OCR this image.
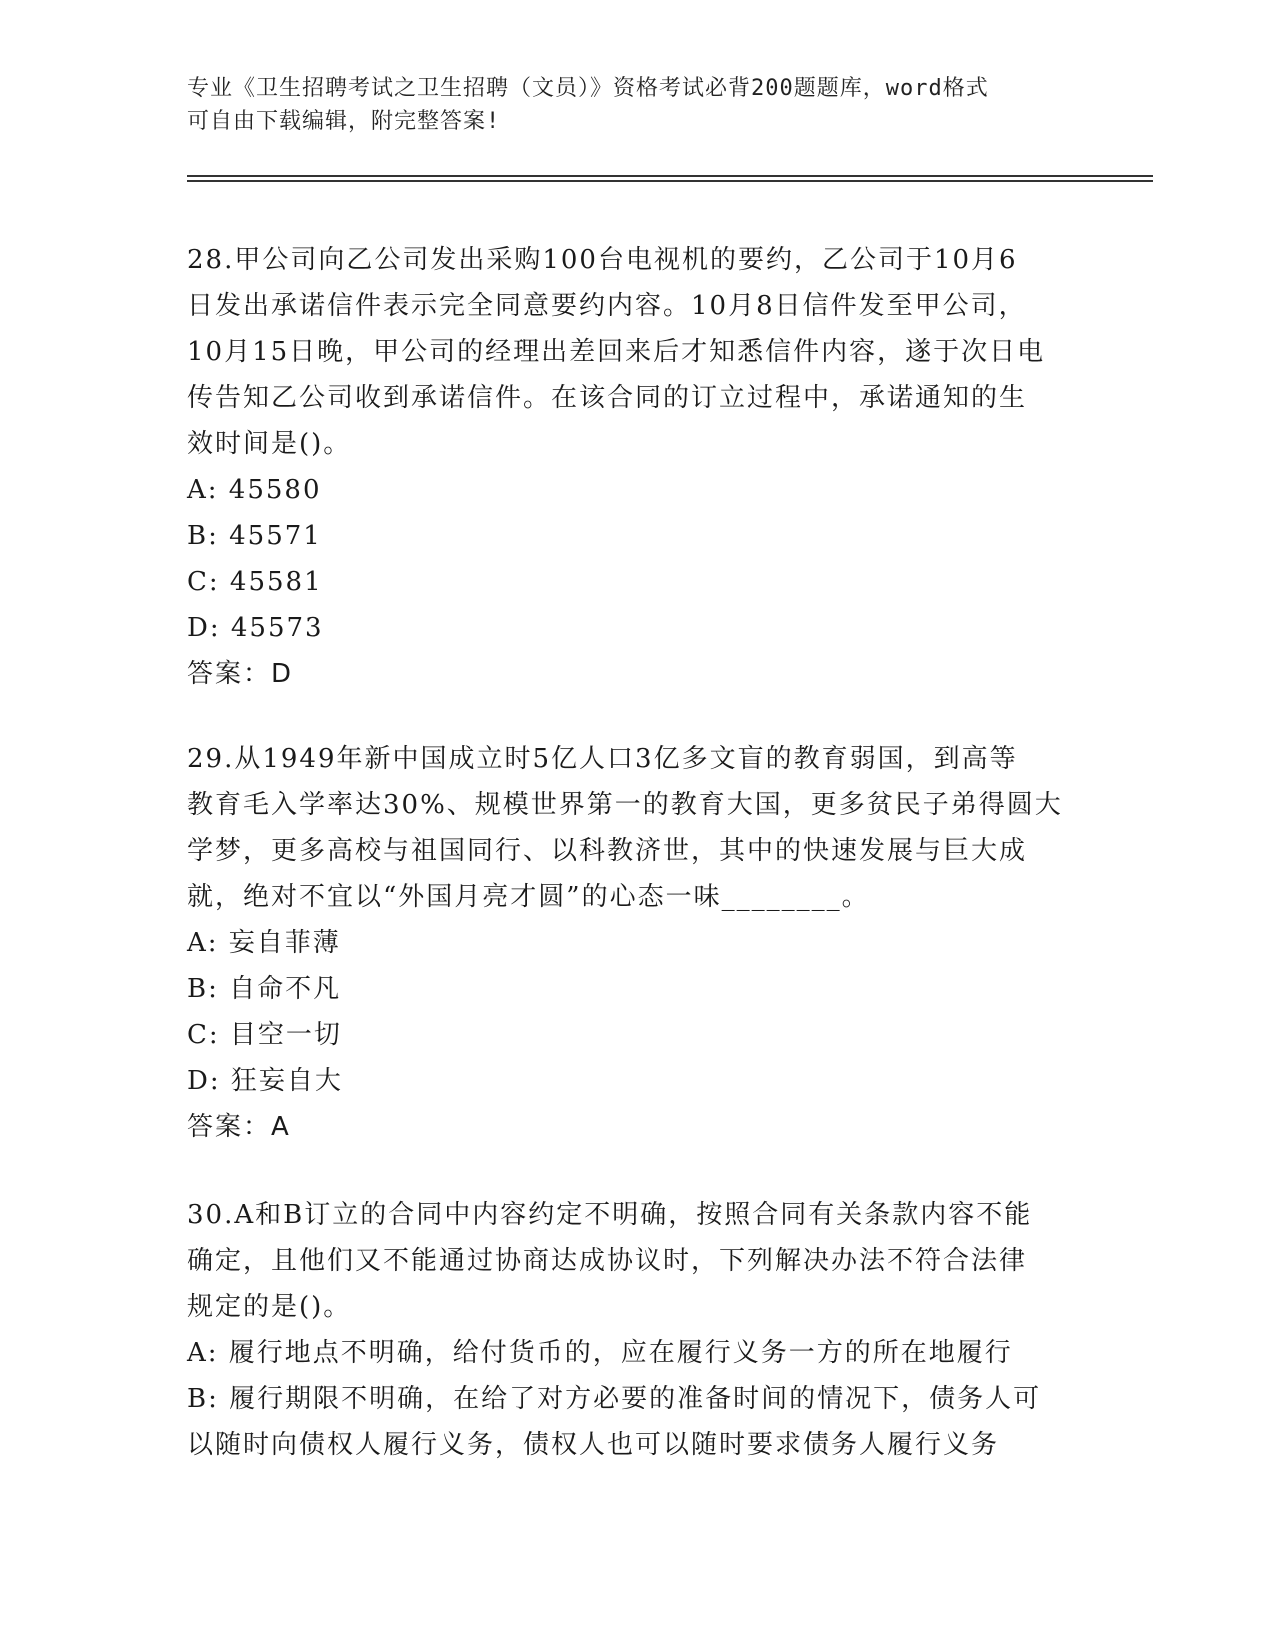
专业《卫生招聘考试之卫生招聘（文员）》资格考试必背200题题库，word格式
可自由下载编辑，附完整答案!

28.甲公司向乙公司发出采购100台电视机的要约，乙公司于10月6

日发出承诺信件表示完全同意要约内容。10月8日信件发至甲公司，

10月15日晚，甲公司的经理出差回来后才知悉信件内容，遂于次日电

传告知乙公司收到承诺信件。在该合同的订立过程中，承诺通知的生

效时间是()。

A: 45580

B: 45571

C: 45581

D: 45573

答案：D

29.从1949年新中国成立时5亿人口3亿多文盲的教育弱国，到高等

教育毛入学率达30%、规模世界第一的教育大国，更多贫民子弟得圆大

学梦，更多高校与祖国同行、以科教济世，其中的快速发展与巨大成

就，绝对不宜以“外国月亮才圆”的心态一味________。

A: 妄自菲薄

B: 自命不凡

C: 目空一切

D: 狂妄自大

答案：A

30.A和B订立的合同中内容约定不明确，按照合同有关条款内容不能

确定，且他们又不能通过协商达成协议时，下列解决办法不符合法律

规定的是()。

A: 履行地点不明确，给付货币的，应在履行义务一方的所在地履行

B: 履行期限不明确，在给了对方必要的准备时间的情况下，债务人可

以随时向债权人履行义务，债权人也可以随时要求债务人履行义务
